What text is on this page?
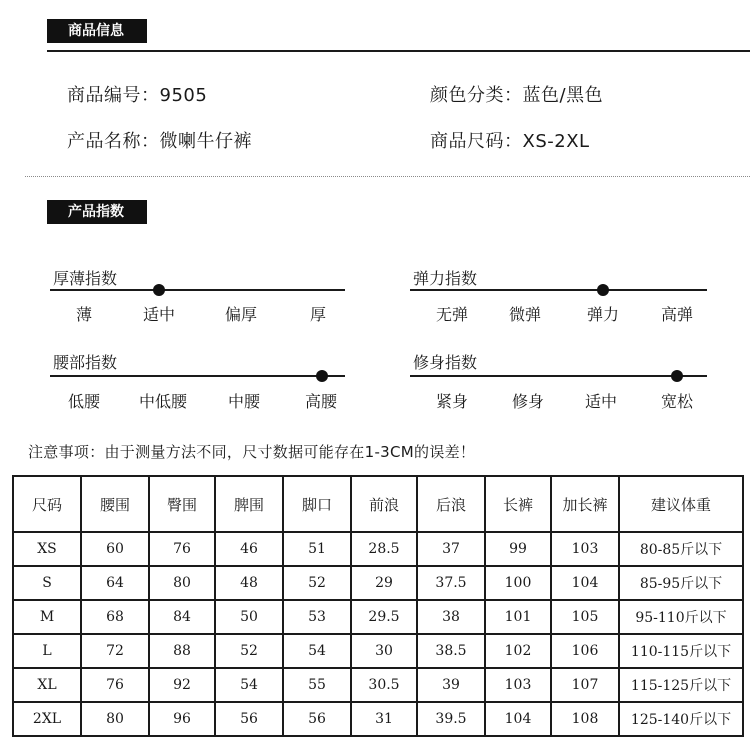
商品信息
商品编号：9505	颜色分类：蓝色/黑色
产品名称：微喇牛仔裤	商品尺码：XS-2XL
产品指数
厚薄指数
薄	适中	偏厚	厚
弹力指数
无弹	微弹	弹力	高弹
腰部指数
低腰 中低腰	中腰	高腰
修身指数
紧身	修身	适中	宽松
注意事项：由于测量方法不同，尺寸数据可能存在1-3CM的误差！
尺码	腰围	臀围	脾围	脚口	前浪	后浪	长裤	加长裤	建议体重
XS	60	76	46	51	28.5	37	99	103	80-85斤以下
S	64	80	48	52	29	37.5	100	104	85-95斤以下
M	68	84	50	53	29.5	38	101	105	95-110斤以下
L	72	88	52	54	30	38.5	102	106	110-115斤以下
XL	76	92	54	55	30.5	39	103	107	115-125斤以下
2XL	80	96	56	56	31	39.5	104	108	125-140斤以下
